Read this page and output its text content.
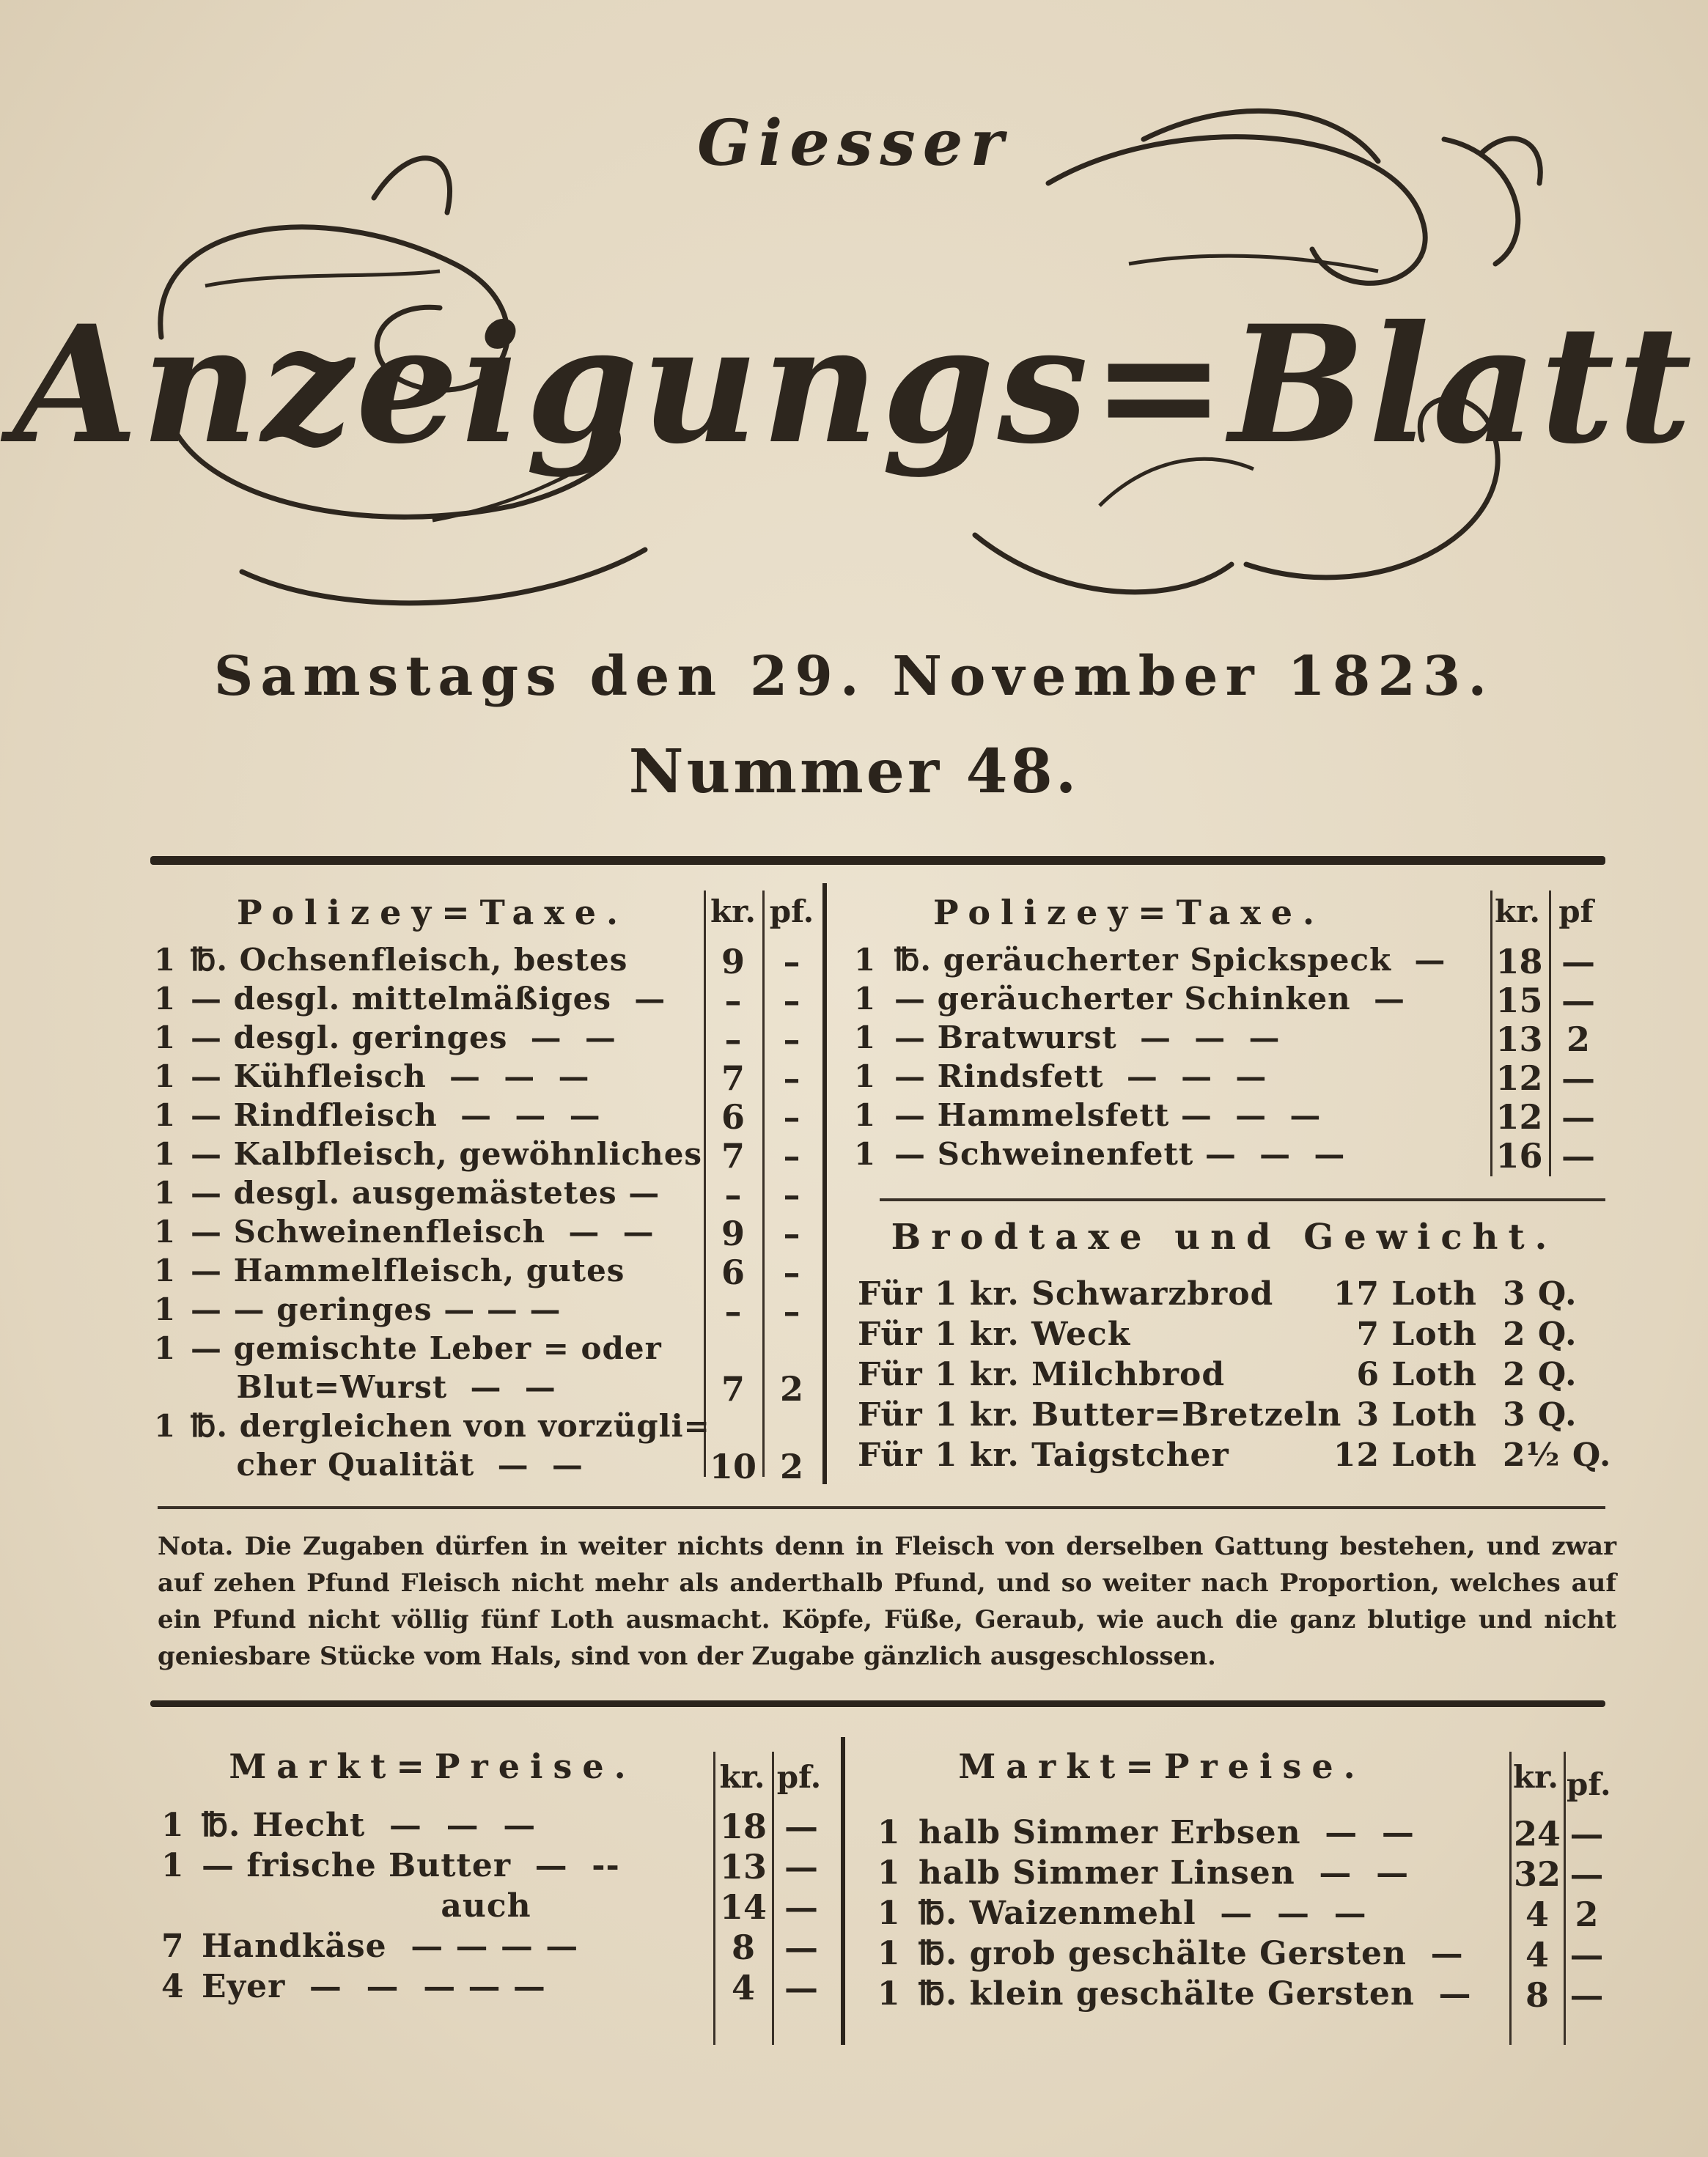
Giesser
Anzeigungs=Blatt
Samstags den 29. November 1823.
Nummer 48.
Polizey=Taxe.	kr. pf.
1 ℔. Ochsenfleisch, bestes	9	–
1 — desgl. mittelmäßiges  —	–	–
1 — desgl. geringes  —  —	–	–
1 — Kühfleisch  —  —  —	7	–
1 — Rindfleisch  —  —  —	6	–
1 — Kalbfleisch, gewöhnliches 7	–
1 — desgl. ausgemästetes —	–	–
1 — Schweinenfleisch  —  —	9	–
1 — Hammelfleisch, gutes	6	–
1 — — geringes — — —	–	–
1 — gemischte Leber = oder
Blut=Wurst  —  —	7	2
1 ℔. dergleichen von vorzügli=
cher Qualität  —  —	10 2
Polizey=Taxe.	kr. pf
1 ℔. geräucherter Spickspeck  — 18 —
1 — geräucherter Schinken  —	15 —
1 — Bratwurst  —  —  —	13 2
1 — Rindsfett  —  —  —	12 —
1 — Hammelsfett —  —  —	12 —
1 — Schweinenfett —  —  —	16 —
Brodtaxe und Gewicht.
Für 1 kr. Schwarzbrod	17 Loth 3 Q.
Für 1 kr. Weck	7 Loth 2 Q.
Für 1 kr. Milchbrod	6 Loth 2 Q.
Für 1 kr. Butter=Bretzeln 3 Loth 3 Q.
Für 1 kr. Taigstcher	12 Loth 2½ Q.
Nota. Die Zugaben dürfen in weiter nichts denn in Fleisch von derselben Gattung bestehen, und zwar auf zehen Pfund Fleisch nicht mehr als anderthalb Pfund, und so weiter nach Proportion, welches auf ein Pfund nicht völlig fünf Loth ausmacht. Köpfe, Füße, Geraub, wie auch die ganz blutige und nicht geniesbare Stücke vom Hals, sind von der Zugabe gänzlich ausgeschlossen.
Markt=Preise.	kr. pf.
1 ℔. Hecht  —  —  —	18 —
1 — frische Butter  —  --	13 —
auch	14 —
7 Handkäse  — — — —	8 —
4 Eyer  —  —  — — —	4 —
Markt=Preise.	kr. pf.
1 halb Simmer Erbsen  —  —	24 —
1 halb Simmer Linsen  —  —	32 —
1 ℔. Waizenmehl  —  —  —	4 2
1 ℔. grob geschälte Gersten  —	4 —
1 ℔. klein geschälte Gersten  —	8 —
